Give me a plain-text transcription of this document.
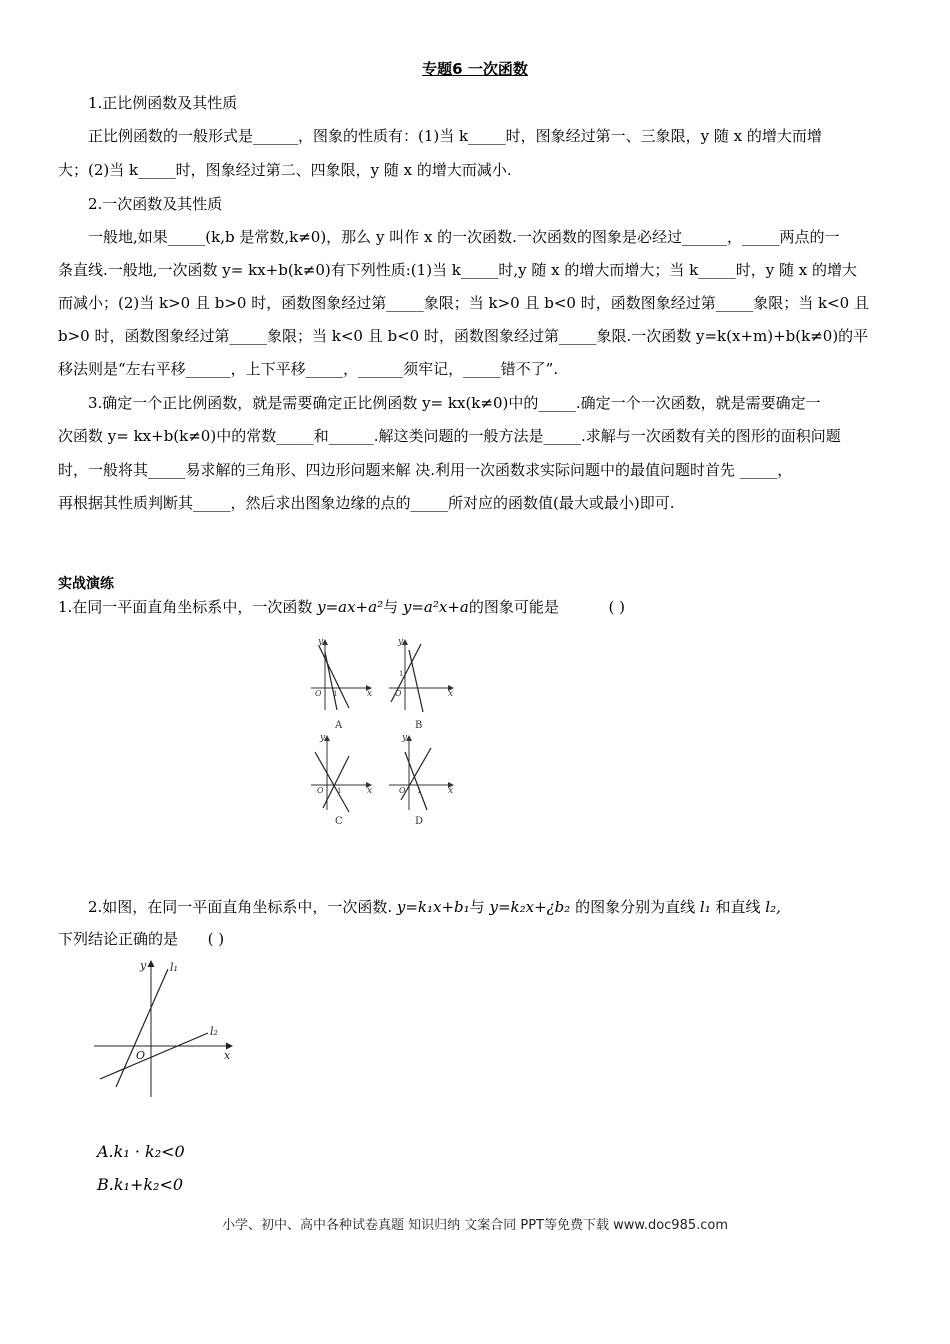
专题6 一次函数
1.正比例函数及其性质
正比例函数的一般形式是______，图象的性质有：(1)当 k_____时，图象经过第一、三象限，y 随 x 的增大而增
大；(2)当 k_____时，图象经过第二、四象限，y 随 x 的增大而减小.
2.一次函数及其性质
一般地,如果_____(k,b 是常数,k≠0)，那么 y 叫作 x 的一次函数.一次函数的图象是必经过______，_____两点的一
条直线.一般地,一次函数 y= kx+b(k≠0)有下列性质:(1)当 k_____时,y 随 x 的增大而增大；当 k_____时，y 随 x 的增大
而减小；(2)当 k>0 且 b>0 时，函数图象经过第_____象限；当 k>0 且 b<0 时，函数图象经过第_____象限；当 k<0 且
b>0 时，函数图象经过第_____象限；当 k<0 且 b<0 时，函数图象经过第_____象限.一次函数 y=k(x+m)+b(k≠0)的平
移法则是“左右平移______，上下平移_____，______须牢记，_____错不了”.
3.确定一个正比例函数，就是需要确定正比例函数 y= kx(k≠0)中的_____.确定一个一次函数，就是需要确定一
次函数 y= kx+b(k≠0)中的常数_____和______.解这类问题的一般方法是_____.求解与一次函数有关的图形的面积问题
时，一般将其_____易求解的三角形、四边形问题来解 决.利用一次函数求实际问题中的最值问题时首先 _____，
再根据其性质判断其_____，然后求出图象边缘的点的_____所对应的函数值(最大或最小)即可.
实战演练
1.在同一平面直角坐标系中，一次函数 y=ax+a²与 y=a²x+a的图象可能是	( )
y
x
O 1
A
y
x
O
1
B
y
x
O 1
C
y
x
O 1
D
2.如图，在同一平面直角坐标系中，一次函数. y=k₁x+b₁与 y=k₂x+¿b₂ 的图象分别为直线 l₁ 和直线 l₂,
下列结论正确的是 ( )
y
x
O
l₁
l₂
A.k₁ · k₂<0
B.k₁+k₂<0
小学、初中、高中各种试卷真题 知识归纳 文案合同 PPT等免费下载 www.doc985.com
